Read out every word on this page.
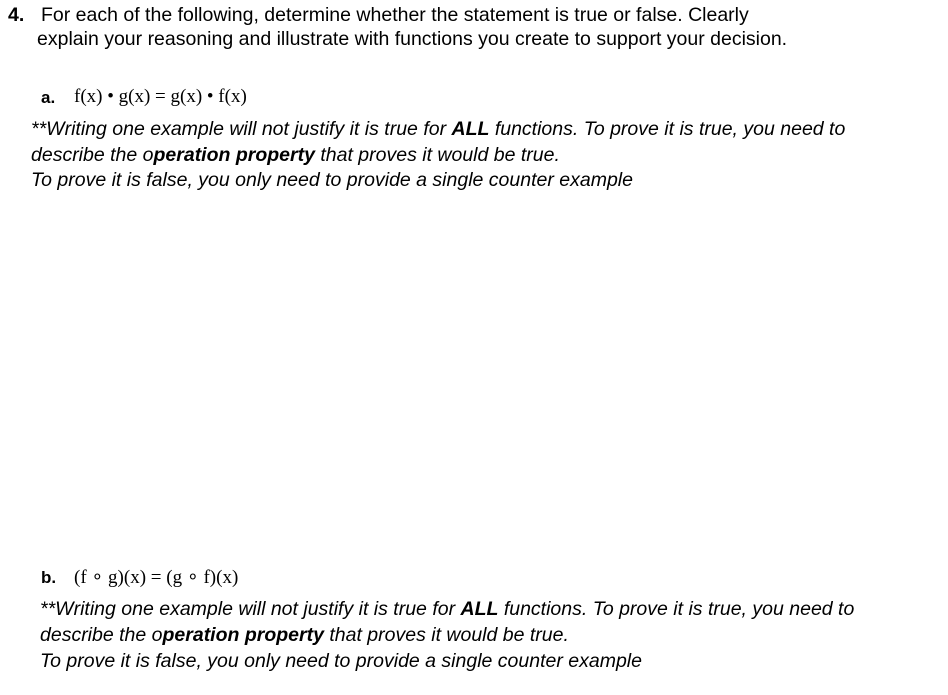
4. For each of the following, determine whether the statement is true or false. Clearly
explain your reasoning and illustrate with functions you create to support your decision.
a. f(x) • g(x) = g(x) • f(x)
**Writing one example will not justify it is true for ALL functions. To prove it is true, you need to
describe the operation property that proves it would be true.
To prove it is false, you only need to provide a single counter example
b. (f ∘ g)(x) = (g ∘ f)(x)
**Writing one example will not justify it is true for ALL functions. To prove it is true, you need to
describe the operation property that proves it would be true.
To prove it is false, you only need to provide a single counter example
